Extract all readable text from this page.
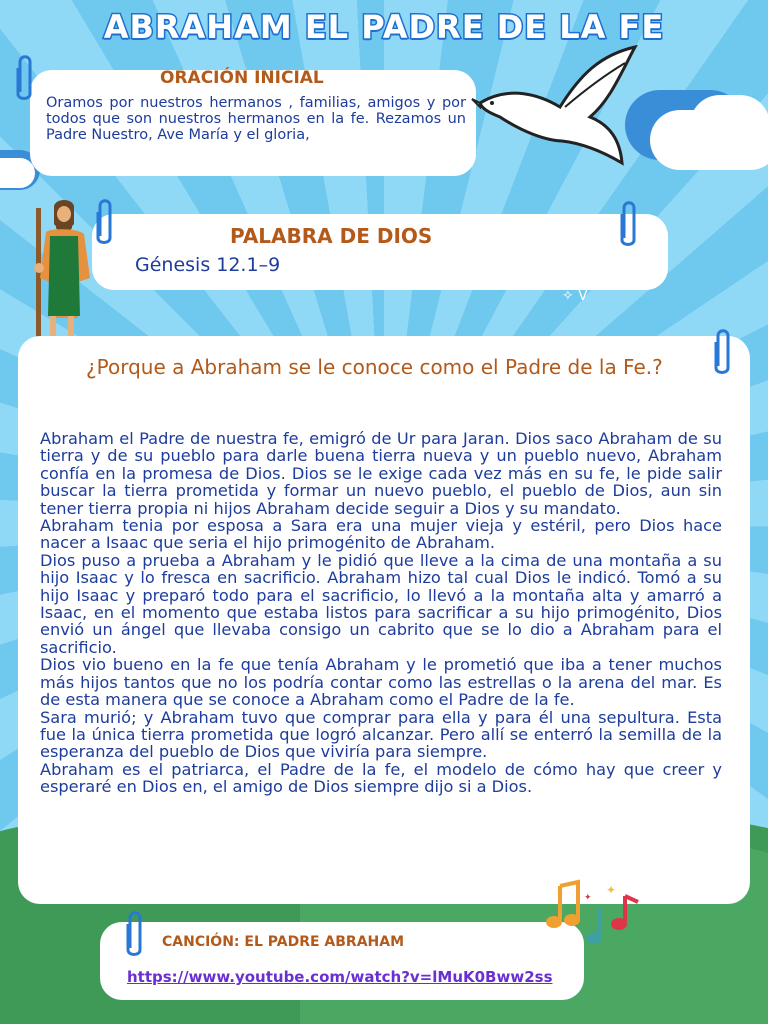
ABRAHAM EL PADRE DE LA FE
ORACIÓN INICIAL
Oramos por nuestros hermanos , familias, amigos y por todos que son nuestros hermanos en la fe. Rezamos un Padre Nuestro, Ave María y el gloria,
PALABRA DE DIOS
Génesis 12.1–9
¿Porque a Abraham se le conoce como el Padre de la Fe.?

Abraham el Padre de nuestra fe, emigró de Ur para Jaran. Dios saco Abraham de su tierra y de su pueblo para darle buena tierra nueva y un pueblo nuevo, Abraham confía en la promesa de Dios. Dios se le exige cada vez más en su fe, le pide salir buscar la tierra prometida y formar un nuevo pueblo, el pueblo de Dios, aun sin tener tierra propia ni hijos Abraham decide seguir a Dios y su mandato.

Abraham tenia por esposa a Sara era una mujer vieja y estéril, pero Dios hace nacer a Isaac que seria el hijo primogénito de Abraham.

Dios puso a prueba a Abraham y le pidió que lleve a la cima de una montaña a su hijo Isaac y lo fresca en sacrificio. Abraham hizo tal cual Dios le indicó. Tomó a su hijo Isaac y preparó todo para el sacrificio, lo llevó a la montaña alta y amarró a Isaac, en el momento que estaba listos para sacrificar a su hijo primogénito, Dios envió un ángel que llevaba consigo un cabrito que se lo dio a Abraham para el sacrificio.

Dios vio bueno en la fe que tenía Abraham y le prometió que iba a tener muchos más hijos tantos que no los podría contar como las estrellas o la arena del mar. Es de esta manera que se conoce a Abraham como el Padre de la fe.

Sara murió; y Abraham tuvo que comprar para ella y para él una sepultura. Esta fue la única tierra prometida que logró alcanzar. Pero allí se enterró la semilla de la esperanza del pueblo de Dios que viviría para siempre.

Abraham es el patriarca, el Padre de la fe, el modelo de cómo hay que creer y esperaré en Dios en, el amigo de Dios siempre dijo si a Dios.

CANCIÓN: EL PADRE ABRAHAM
https://www.youtube.com/watch?v=lMuK0Bww2ss
✦
✦
✧ ᐯ
